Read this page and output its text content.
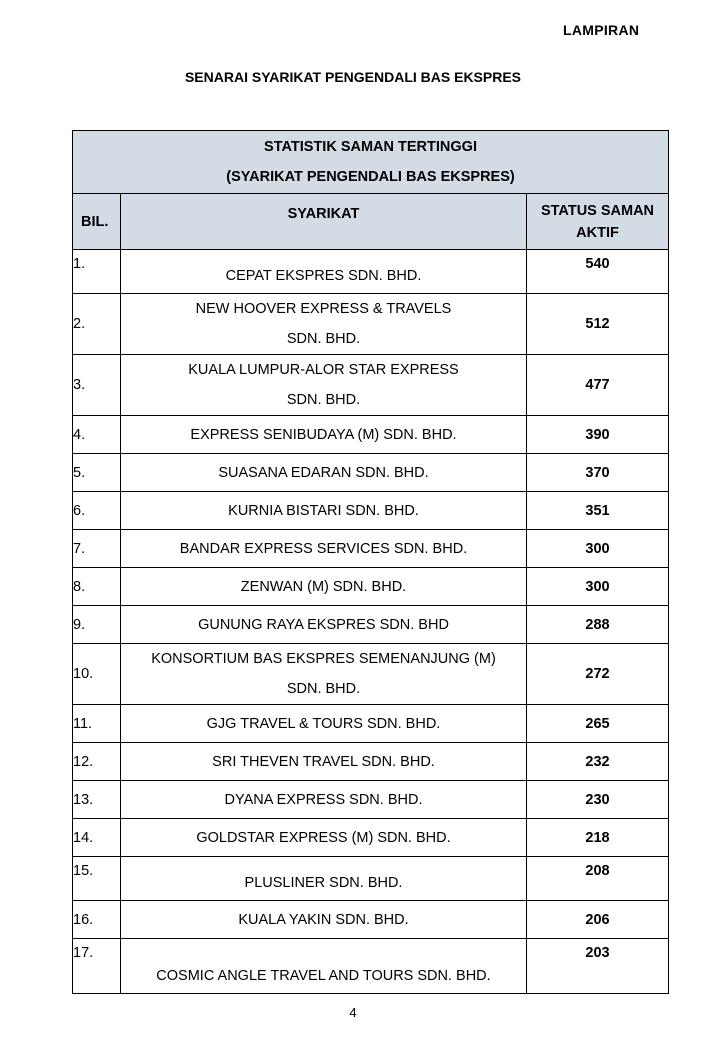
LAMPIRAN
SENARAI SYARIKAT PENGENDALI BAS EKSPRES
STATISTIK SAMAN TERTINGGI
(SYARIKAT PENGENDALI BAS EKSPRES)		

BIL.	SYARIKAT	STATUS SAMAN
AKTIF

1.	CEPAT EKSPRES SDN. BHD.	540
2.	NEW HOOVER EXPRESS & TRAVELS
SDN. BHD.	512
3.	KUALA LUMPUR-ALOR STAR EXPRESS
SDN. BHD.	477
4.	EXPRESS SENIBUDAYA (M) SDN. BHD.	390
5.	SUASANA EDARAN SDN. BHD.	370
6.	KURNIA BISTARI SDN. BHD.	351
7.	BANDAR EXPRESS SERVICES SDN. BHD.	300
8.	ZENWAN (M) SDN. BHD.	300
9.	GUNUNG RAYA EKSPRES SDN. BHD	288
10.	KONSORTIUM BAS EKSPRES SEMENANJUNG (M)
SDN. BHD.	272
11.	GJG TRAVEL & TOURS SDN. BHD.	265
12.	SRI THEVEN TRAVEL SDN. BHD.	232
13.	DYANA EXPRESS SDN. BHD.	230
14.	GOLDSTAR EXPRESS (M) SDN. BHD.	218
15.	PLUSLINER SDN. BHD.	208
16.	KUALA YAKIN SDN. BHD.	206
17.	COSMIC ANGLE TRAVEL AND TOURS SDN. BHD.	203
4
